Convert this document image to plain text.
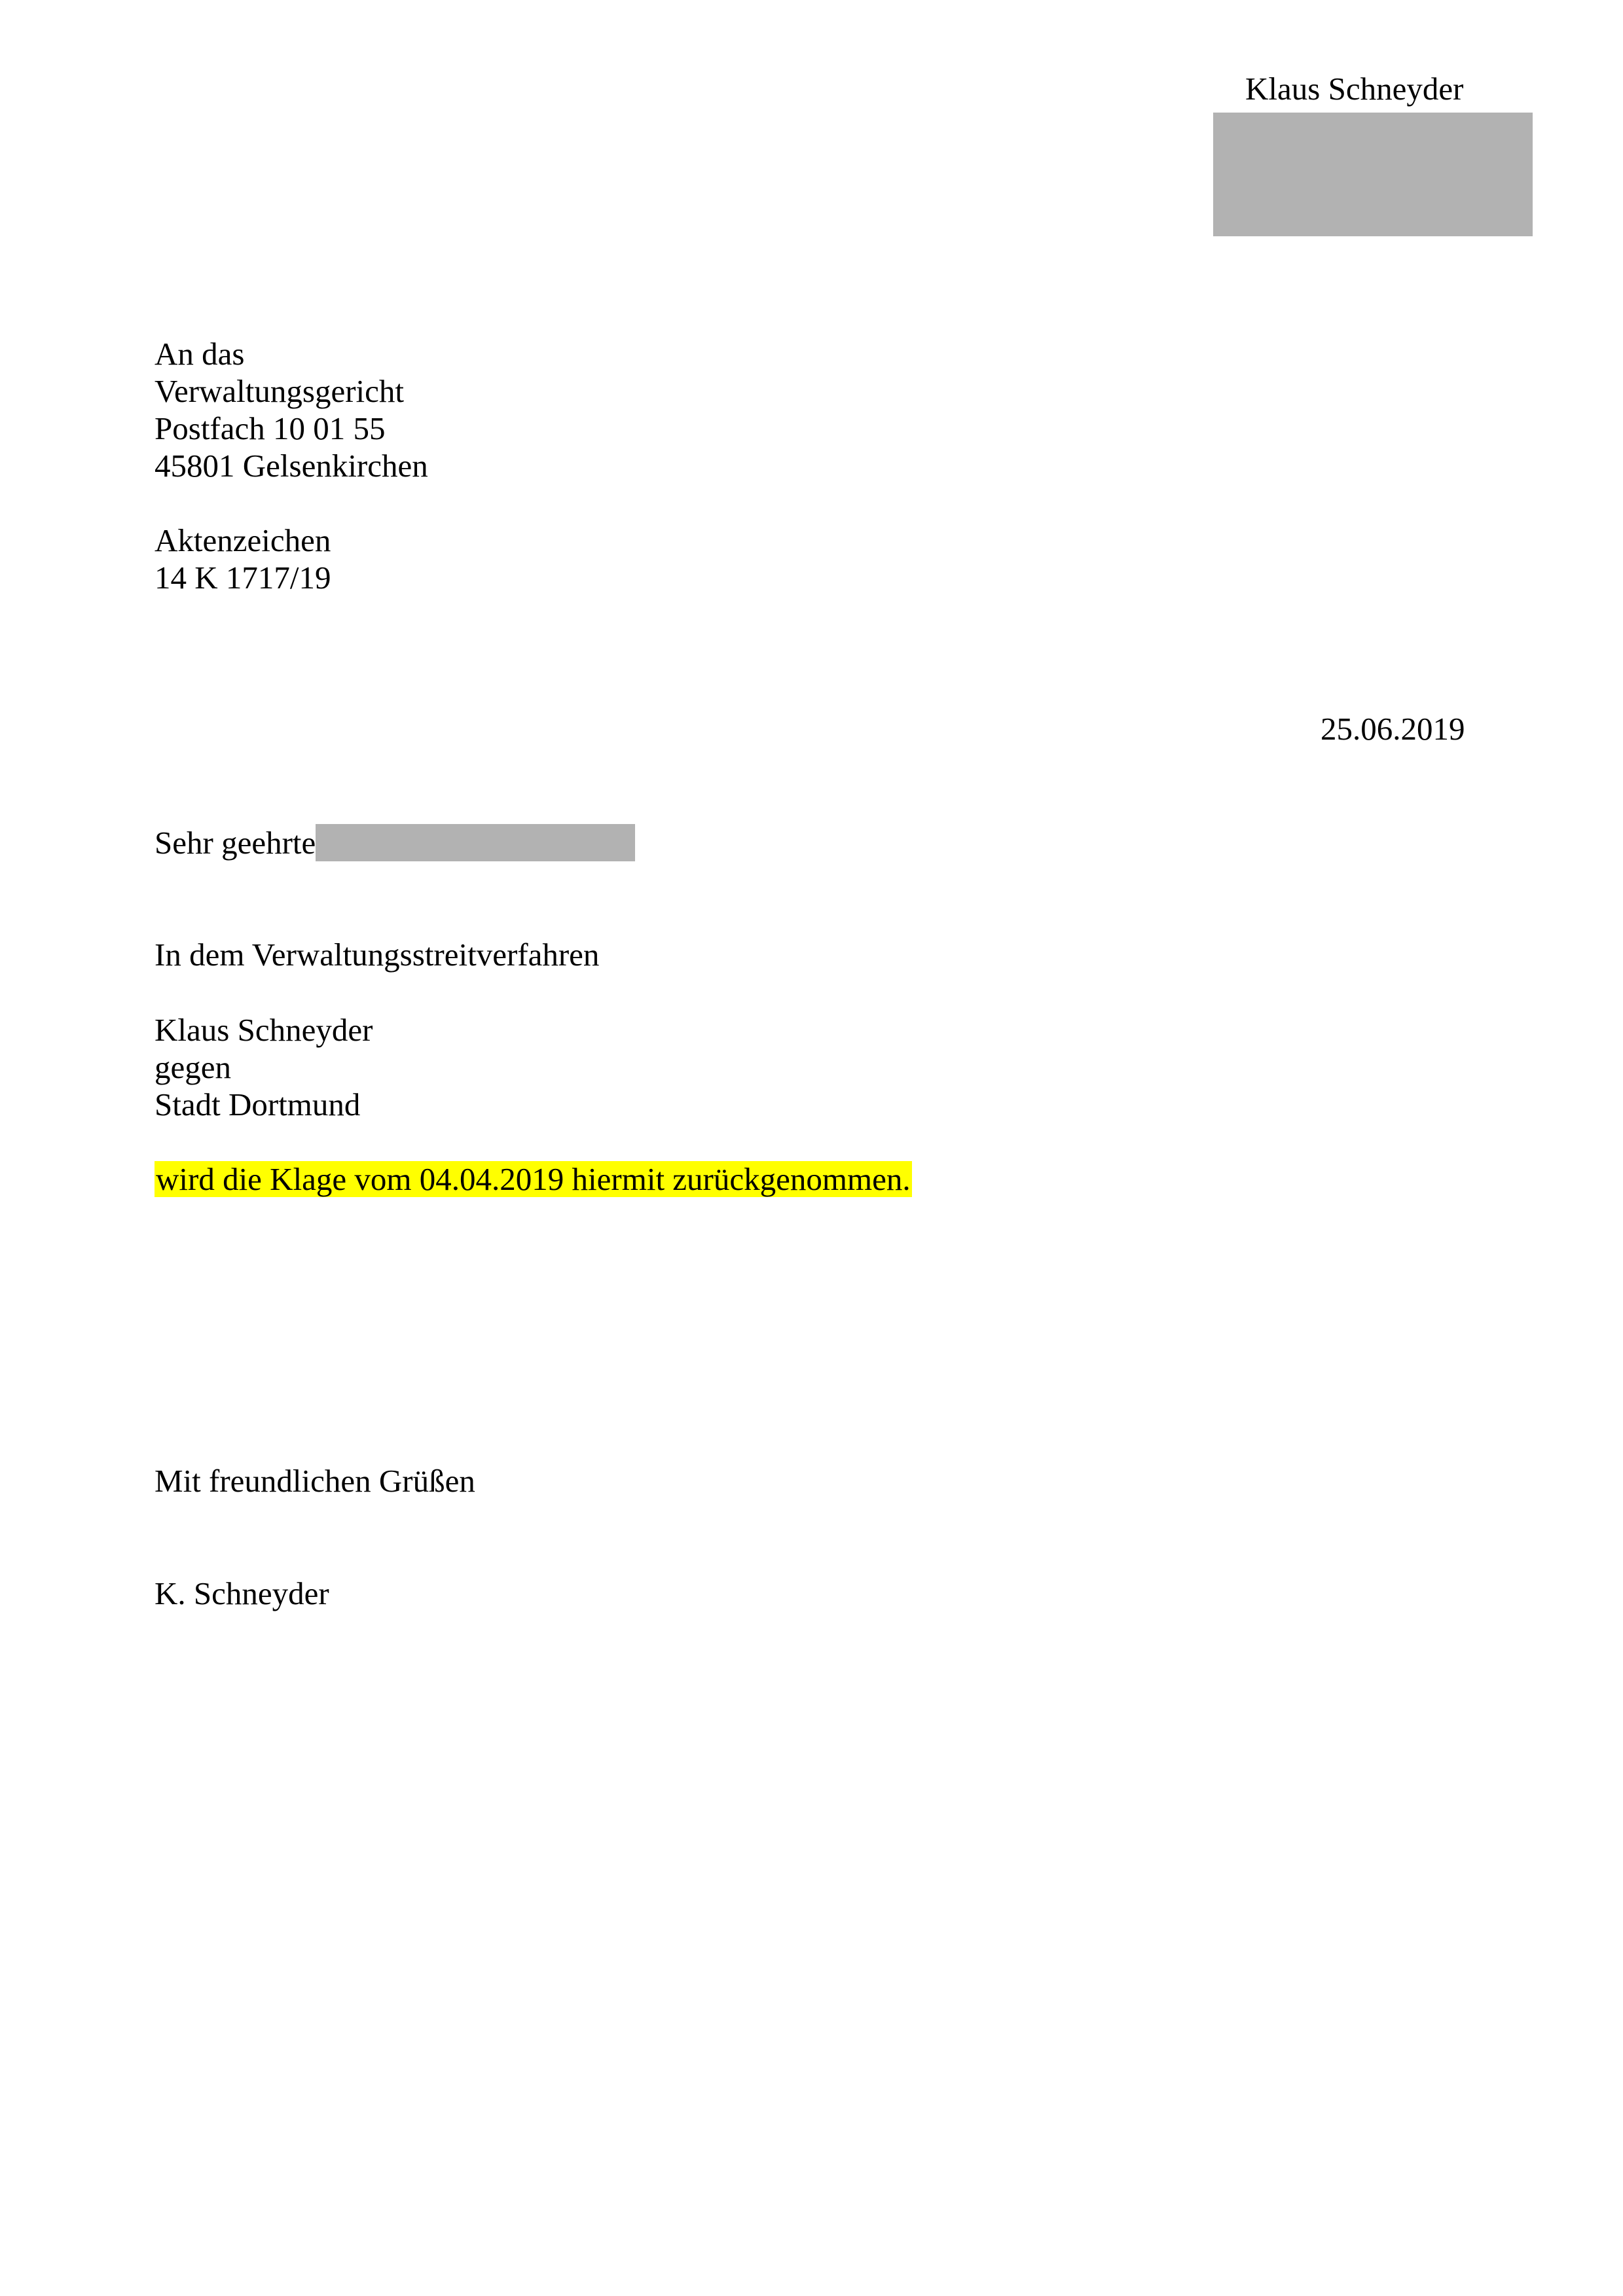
Klaus Schneyder
An das
Verwaltungsgericht
Postfach 10 01 55
45801 Gelsenkirchen
Aktenzeichen
14 K 1717/19
25.06.2019
Sehr geehrte
In dem Verwaltungsstreitverfahren
Klaus Schneyder
gegen
Stadt Dortmund
wird die Klage vom 04.04.2019 hiermit zurückgenommen.
Mit freundlichen Grüßen
K. Schneyder
